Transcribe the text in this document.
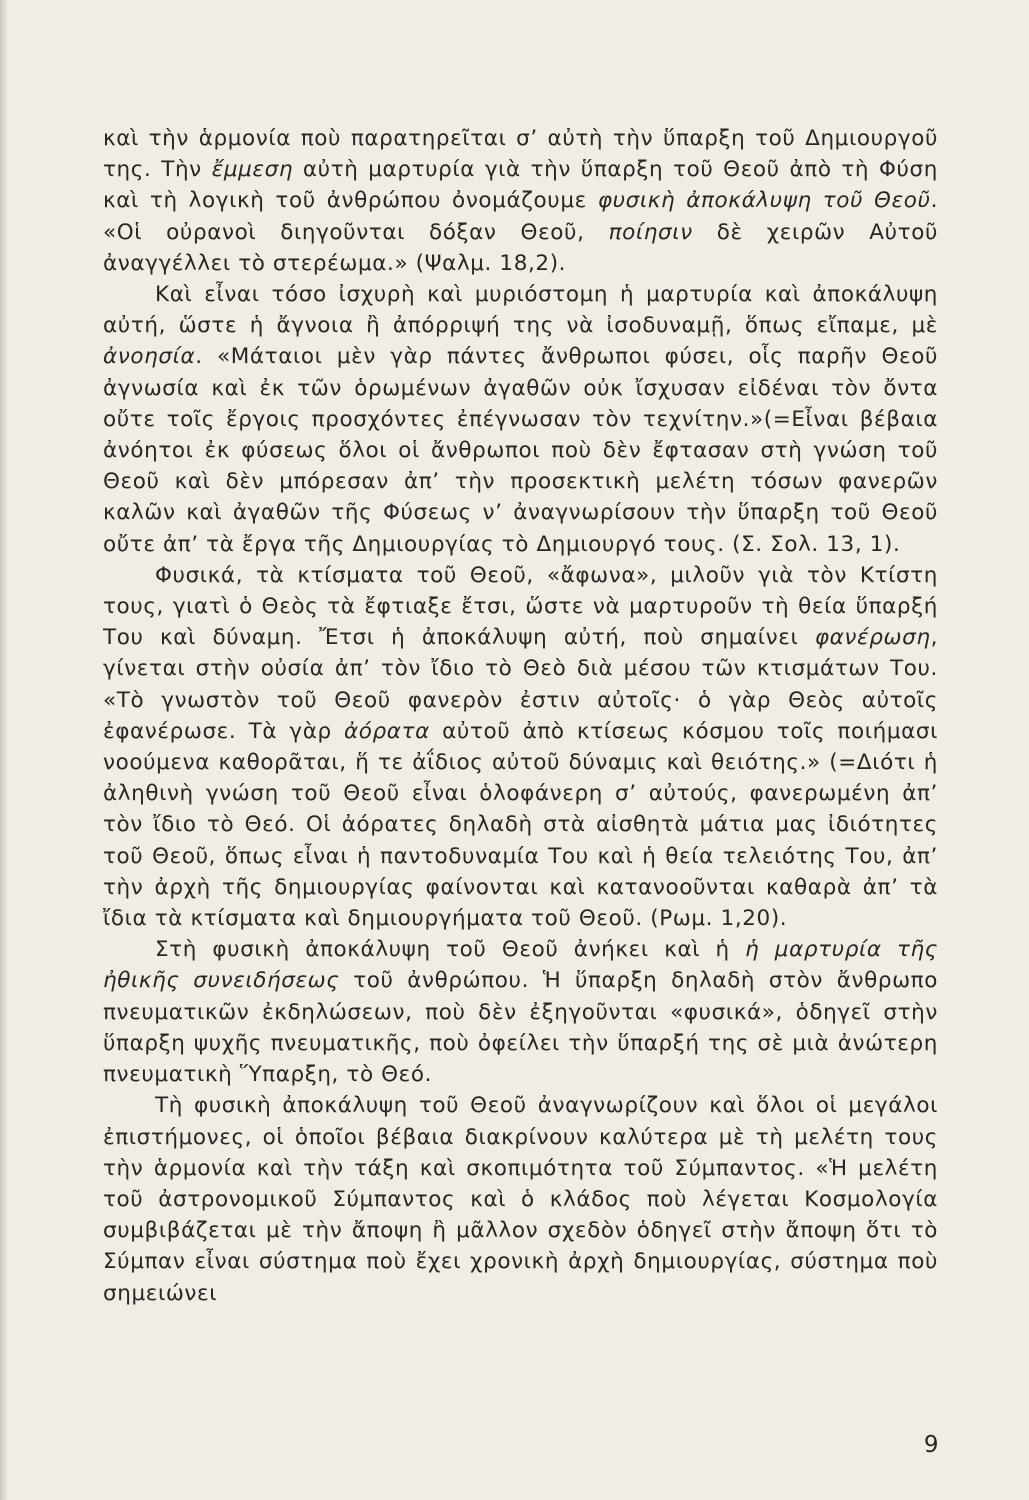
καὶ τὴν ἁρμονία ποὺ παρατηρεῖται σ’ αὐτὴ τὴν ὕπαρξη τοῦ Δημιουργοῦ της. Τὴν ἔμμεση αὐτὴ μαρτυρία γιὰ τὴν ὕπαρξη τοῦ Θεοῦ ἀπὸ τὴ Φύση καὶ τὴ λογικὴ τοῦ ἀνθρώπου ὀνομάζουμε φυσικὴ ἀποκάλυψη τοῦ Θεοῦ. «Οἱ οὐρανοὶ διηγοῦνται δόξαν Θεοῦ, ποίησιν δὲ χειρῶν Αὐτοῦ ἀναγγέλλει τὸ στερέωμα.» (Ψαλμ. 18,2).

Καὶ εἶναι τόσο ἰσχυρὴ καὶ μυριόστομη ἡ μαρτυρία καὶ ἀποκάλυψη αὐτή, ὥστε ἡ ἄγνοια ἢ ἀπόρριψή της νὰ ἰσοδυναμῇ, ὅπως εἴπαμε, μὲ ἀνοησία. «Μάταιοι μὲν γὰρ πάντες ἄνθρωποι φύσει, οἷς παρῆν Θεοῦ ἀγνωσία καὶ ἐκ τῶν ὁρωμένων ἀγαθῶν οὐκ ἴσχυσαν εἰδέναι τὸν ὄντα οὔτε τοῖς ἔργοις προσχόντες ἐπέγνωσαν τὸν τεχνίτην.»(=Εἶναι βέβαια ἀνόητοι ἐκ φύσεως ὅλοι οἱ ἄνθρωποι ποὺ δὲν ἔφτασαν στὴ γνώση τοῦ Θεοῦ καὶ δὲν μπόρεσαν ἀπ’ τὴν προσεκτικὴ μελέτη τόσων φανερῶν καλῶν καὶ ἀγαθῶν τῆς Φύσεως ν’ ἀναγνωρίσουν τὴν ὕπαρξη τοῦ Θεοῦ οὔτε ἀπ’ τὰ ἔργα τῆς Δημιουργίας τὸ Δημιουργό τους. (Σ. Σολ. 13, 1).

Φυσικά, τὰ κτίσματα τοῦ Θεοῦ, «ἄφωνα», μιλοῦν γιὰ τὸν Κτίστη τους, γιατὶ ὁ Θεὸς τὰ ἔφτιαξε ἔτσι, ὥστε νὰ μαρτυροῦν τὴ θεία ὕπαρξή Του καὶ δύναμη. Ἔτσι ἡ ἀποκάλυψη αὐτή, ποὺ σημαίνει φανέρωση, γίνεται στὴν οὐσία ἀπ’ τὸν ἴδιο τὸ Θεὸ διὰ μέσου τῶν κτισμάτων Του. «Τὸ γνωστὸν τοῦ Θεοῦ φανερὸν ἐστιν αὐτοῖς· ὁ γὰρ Θεὸς αὐτοῖς ἐφανέρωσε. Τὰ γὰρ ἀόρατα αὐτοῦ ἀπὸ κτίσεως κόσμου τοῖς ποιήμασι νοούμενα καθορᾶται, ἥ τε ἀΐδιος αὐτοῦ δύναμις καὶ θειότης.» (=Διότι ἡ ἀληθινὴ γνώση τοῦ Θεοῦ εἶναι ὁλοφάνερη σ’ αὐτούς, φανερωμένη ἀπ’ τὸν ἴδιο τὸ Θεό. Οἱ ἀόρατες δηλαδὴ στὰ αἰσθητὰ μάτια μας ἰδιότητες τοῦ Θεοῦ, ὅπως εἶναι ἡ παντοδυναμία Του καὶ ἡ θεία τελειότης Του, ἀπ’ τὴν ἀρχὴ τῆς δημιουργίας φαίνονται καὶ κατανοοῦνται καθαρὰ ἀπ’ τὰ ἴδια τὰ κτίσματα καὶ δημιουργήματα τοῦ Θεοῦ. (Ρωμ. 1,20).

Στὴ φυσικὴ ἀποκάλυψη τοῦ Θεοῦ ἀνήκει καὶ ἡ ἡ μαρτυρία τῆς ἠθικῆς συνειδήσεως τοῦ ἀνθρώπου. Ἡ ὕπαρξη δηλαδὴ στὸν ἄνθρωπο πνευματικῶν ἐκδηλώσεων, ποὺ δὲν ἐξηγοῦνται «φυσικά», ὁδηγεῖ στὴν ὕπαρξη ψυχῆς πνευματικῆς, ποὺ ὀφείλει τὴν ὕπαρξή της σὲ μιὰ ἀνώτερη πνευματικὴ Ὕπαρξη, τὸ Θεό.

Τὴ φυσικὴ ἀποκάλυψη τοῦ Θεοῦ ἀναγνωρίζουν καὶ ὅλοι οἱ μεγάλοι ἐπιστήμονες, οἱ ὁποῖοι βέβαια διακρίνουν καλύτερα μὲ τὴ μελέτη τους τὴν ἁρμονία καὶ τὴν τάξη καὶ σκοπιμότητα τοῦ Σύμπαντος. «Ἡ μελέτη τοῦ ἀστρονομικοῦ Σύμπαντος καὶ ὁ κλάδος ποὺ λέγεται Κοσμολογία συμβιβάζεται μὲ τὴν ἄποψη ἢ μᾶλλον σχεδὸν ὁδηγεῖ στὴν ἄποψη ὅτι τὸ Σύμπαν εἶναι σύστημα ποὺ ἔχει χρονικὴ ἀρχὴ δημιουργίας, σύστημα ποὺ σημειώνει

9
